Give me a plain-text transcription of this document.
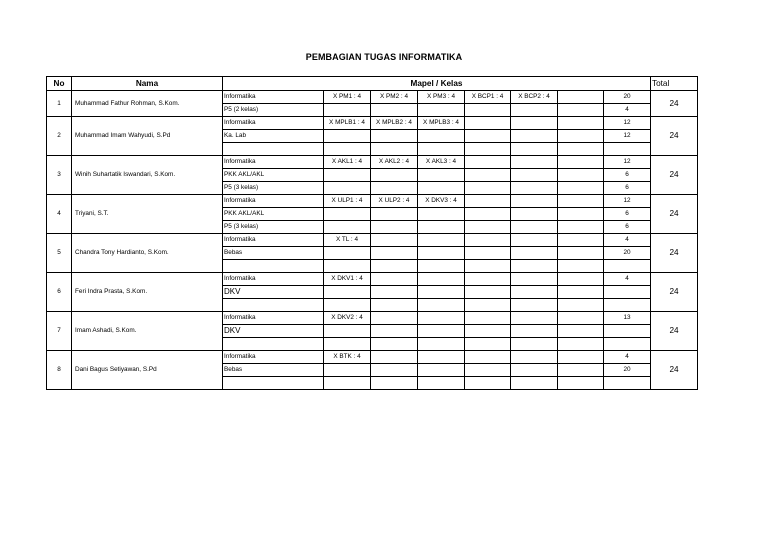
PEMBAGIAN TUGAS INFORMATIKA
No	Nama	Mapel / Kelas								Total
1	Muhammad Fathur Rohman, S.Kom.	Informatika	X PM1 : 4	X PM2 : 4	X PM3 : 4	X BCP1 : 4	X BCP2 : 4		20	24
		P5 (2 kelas)							4	
2	Muhammad Imam Wahyudi, S.Pd	Informatika	X MPLB1 : 4	X MPLB2 : 4	X MPLB3 : 4				12	24
		Ka. Lab							12	

3	Winih Suhartatik Iswandari, S.Kom.	Informatika	X AKL1 : 4	X AKL2 : 4	X AKL3 : 4				12	24
		PKK AKL/AKL							6	
		P5 (3 kelas)							6	
4	Triyani, S.T.	Informatika	X ULP1 : 4	X ULP2 : 4	X DKV3 : 4				12	24
		PKK AKL/AKL							6	
		P5 (3 kelas)							6	
5	Chandra Tony Hardianto, S.Kom.	Informatika	X TL : 4						4	24
		Bebas							20	

6	Feri Indra Prasta, S.Kom.	Informatika	X DKV1 : 4						4	24
		DKV								

7	Imam Ashadi, S.Kom.	Informatika	X DKV2 : 4						13	24
		DKV								

8	Dani Bagus Setiyawan, S.Pd	Informatika	X BTK : 4						4	24
		Bebas							20	
